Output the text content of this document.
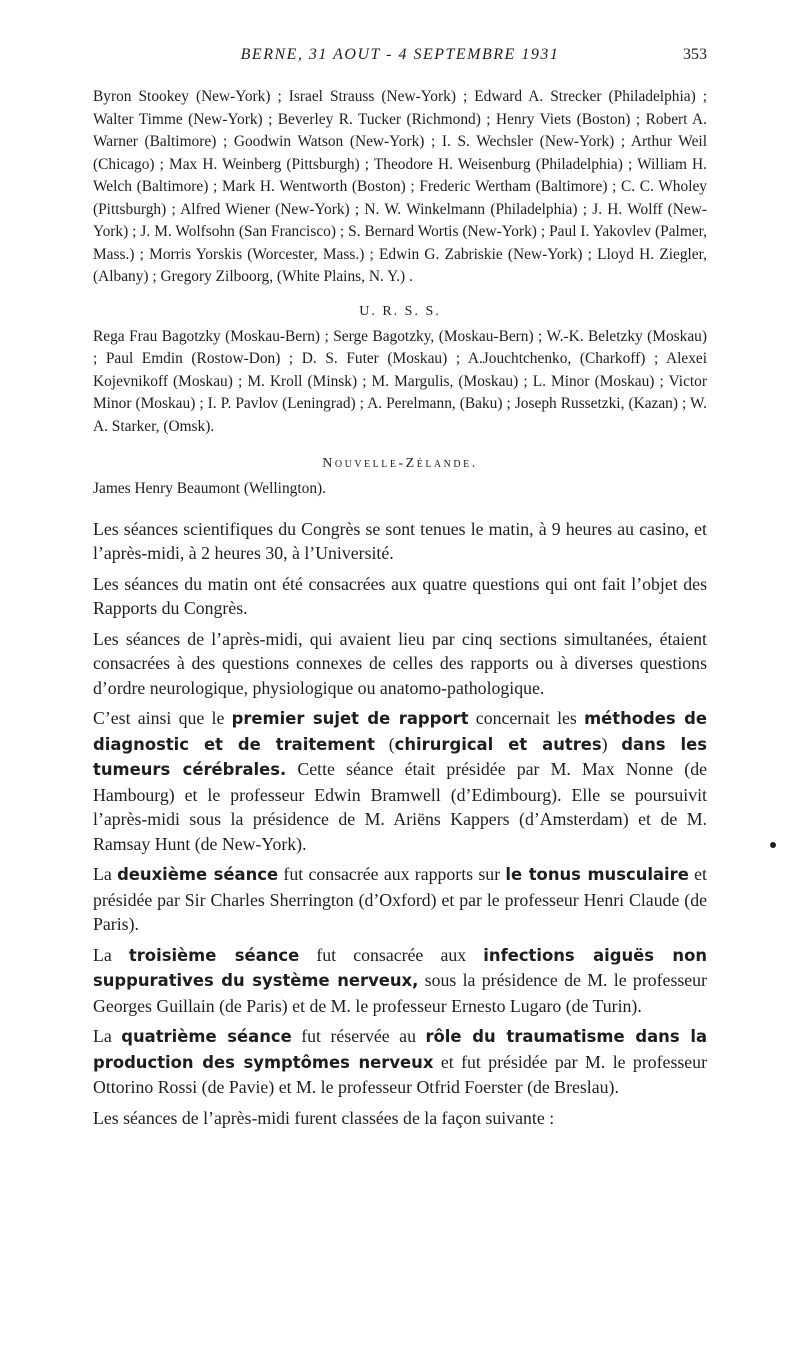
BERNE, 31 AOUT - 4 SEPTEMBRE 1931	353

Byron Stookey (New-York) ; Israel Strauss (New-York) ; Edward A. Strecker (Philadelphia) ; Walter Timme (New-York) ; Beverley R. Tucker (Richmond) ; Henry Viets (Boston) ; Robert A. Warner (Baltimore) ; Goodwin Watson (New-York) ; I. S. Wechsler (New-York) ; Arthur Weil (Chicago) ; Max H. Weinberg (Pittsburgh) ; Theodore H. Weisenburg (Philadelphia) ; William H. Welch (Baltimore) ; Mark H. Wentworth (Boston) ; Frederic Wertham (Baltimore) ; C. C. Wholey (Pittsburgh) ; Alfred Wiener (New-York) ; N. W. Winkelmann (Philadelphia) ; J. H. Wolff (New-York) ; J. M. Wolfsohn (San Francisco) ; S. Bernard Wortis (New-York) ; Paul I. Yakovlev (Palmer, Mass.) ; Morris Yorskis (Worcester, Mass.) ; Edwin G. Zabriskie (New-York) ; Lloyd H. Ziegler, (Albany) ; Gregory Zilboorg, (White Plains, N. Y.) .

U. R. S. S.

Regа Frau Bagotzky (Moskau-Bern) ; Serge Bagotzky, (Moskau-Bern) ; W.-K. Beletzky (Moskau) ; Paul Emdin (Rostow-Don) ; D. S. Futer (Moskau) ; A.Jouchtchenko, (Charkoff) ; Alexei Kojevnikoff (Moskau) ; M. Kroll (Minsk) ; M. Margulis, (Moskau) ; L. Minor (Moskau) ; Victor Minor (Moskau) ; I. P. Pavlov (Leningrad) ; A. Perelmann, (Baku) ; Joseph Russetzki, (Kazan) ; W. A. Starker, (Omsk).

Nouvelle-Zélande.

James Henry Beaumont (Wellington).

Les séances scientifiques du Congrès se sont tenues le matin, à 9 heures au casino, et l’après-midi, à 2 heures 30, à l’Université.

Les séances du matin ont été consacrées aux quatre questions qui ont fait l’objet des Rapports du Congrès.

Les séances de l’après-midi, qui avaient lieu par cinq sections simultanées, étaient consacrées à des questions connexes de celles des rapports ou à diverses questions d’ordre neurologique, physiologique ou anatomo-pathologique.

C’est ainsi que le premier sujet de rapport concernait les méthodes de diagnostic et de traitement (chirurgical et autres) dans les tumeurs cérébrales. Cette séance était présidée par M. Max Nonne (de Hambourg) et le professeur Edwin Bramwell (d’Edimbourg). Elle se poursuivit l’après-midi sous la présidence de M. Ariëns Kappers (d’Amsterdam) et de M. Ramsay Hunt (de New-York).

La deuxième séance fut consacrée aux rapports sur le tonus musculaire et présidée par Sir Charles Sherrington (d’Oxford) et par le professeur Henri Claude (de Paris).

La troisième séance fut consacrée aux infections aiguës non suppuratives du système nerveux, sous la présidence de M. le professeur Georges Guillain (de Paris) et de M. le professeur Ernesto Lugaro (de Turin).

La quatrième séance fut réservée au rôle du traumatisme dans la production des symptômes nerveux et fut présidée par M. le professeur Ottorino Rossi (de Pavie) et M. le professeur Otfrid Foerster (de Breslau).

Les séances de l’après-midi furent classées de la façon suivante :
